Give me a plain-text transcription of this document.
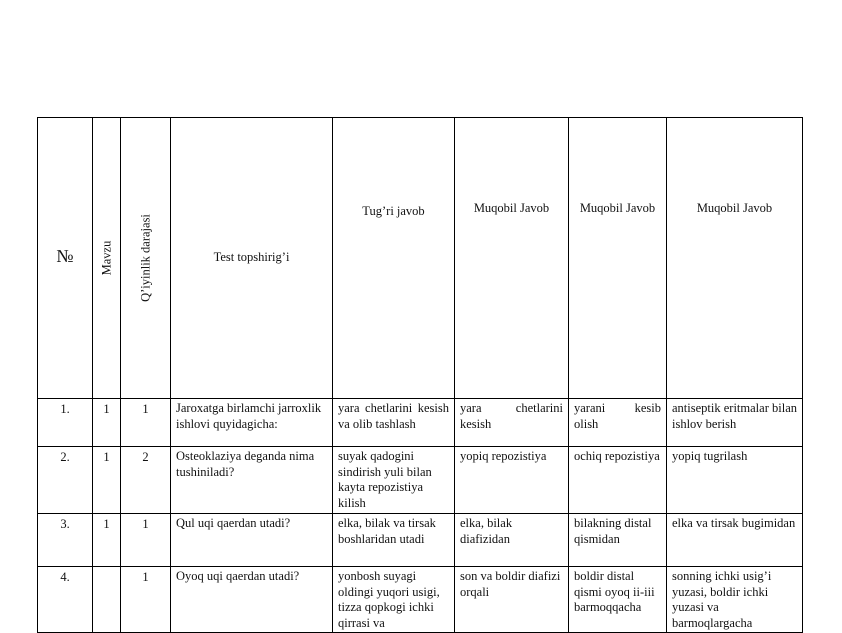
№	Mavzu	Q’iyinlik darajasi	Test topshirig’i	Tug’ri javob	Muqobil Javob	Muqobil Javob	Muqobil Javob

1.	1	1	Jaroxatga birlamchi jarroxlik ishlovi quyidagicha:	yara chetlarini kesish va olib tashlash	yara chetlarini kesish	yarani kesib olish	antiseptik eritmalar bilan ishlov berish
2.	1	2	Osteoklaziya deganda nima tushiniladi?	suyak qadogini sindirish yuli bilan kayta repozistiya kilish	yopiq repozistiya	ochiq repozistiya	yopiq tugrilash
3.	1	1	Qul uqi qaerdan utadi?	elka, bilak va tirsak boshlaridan utadi	elka, bilak diafizidan	bilakning distal qismidan	elka va tirsak bugimidan
4.		1	Oyoq uqi qaerdan utadi?	yonbosh suyagi oldingi yuqori usigi, tizza qopkogi ichki qirrasi va	son va boldir diafizi orqali	boldir distal qismi oyoq ii-iii barmoqqacha	sonning ichki usig’i yuzasi, boldir ichki yuzasi va barmoqlargacha
